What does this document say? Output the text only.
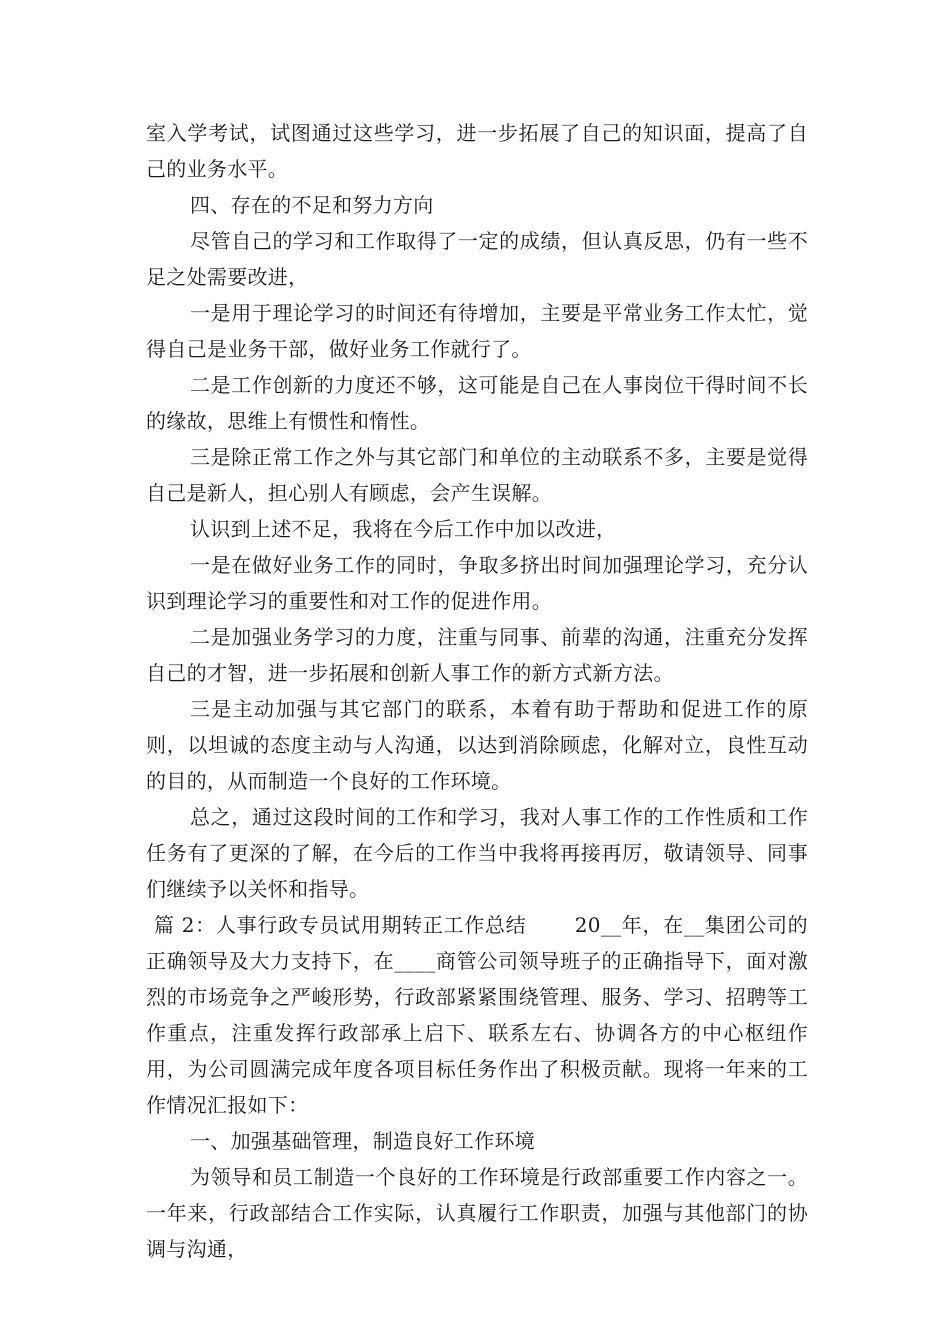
室入学考试，试图通过这些学习，进一步拓展了自己的知识面，提高了自己的业务水平。

四、存在的不足和努力方向

尽管自己的学习和工作取得了一定的成绩，但认真反思，仍有一些不足之处需要改进，

一是用于理论学习的时间还有待增加，主要是平常业务工作太忙，觉得自己是业务干部，做好业务工作就行了。

二是工作创新的力度还不够，这可能是自己在人事岗位干得时间不长的缘故，思维上有惯性和惰性。

三是除正常工作之外与其它部门和单位的主动联系不多，主要是觉得自己是新人，担心别人有顾虑，会产生误解。

认识到上述不足，我将在今后工作中加以改进，

一是在做好业务工作的同时，争取多挤出时间加强理论学习，充分认识到理论学习的重要性和对工作的促进作用。

二是加强业务学习的力度，注重与同事、前辈的沟通，注重充分发挥自己的才智，进一步拓展和创新人事工作的新方式新方法。

三是主动加强与其它部门的联系，本着有助于帮助和促进工作的原则，以坦诚的态度主动与人沟通，以达到消除顾虑，化解对立，良性互动的目的，从而制造一个良好的工作环境。

总之，通过这段时间的工作和学习，我对人事工作的工作性质和工作任务有了更深的了解，在今后的工作当中我将再接再厉，敬请领导、同事们继续予以关怀和指导。

篇 2：人事行政专员试用期转正工作总结　　 20__年，在__集团公司的正确领导及大力支持下，在____商管公司领导班子的正确指导下，面对激烈的市场竞争之严峻形势，行政部紧紧围绕管理、服务、学习、招聘等工作重点，注重发挥行政部承上启下、联系左右、协调各方的中心枢纽作用，为公司圆满完成年度各项目标任务作出了积极贡献。现将一年来的工作情况汇报如下：

一、加强基础管理，制造良好工作环境

为领导和员工制造一个良好的工作环境是行政部重要工作内容之一。一年来，行政部结合工作实际，认真履行工作职责，加强与其他部门的协调与沟通，
